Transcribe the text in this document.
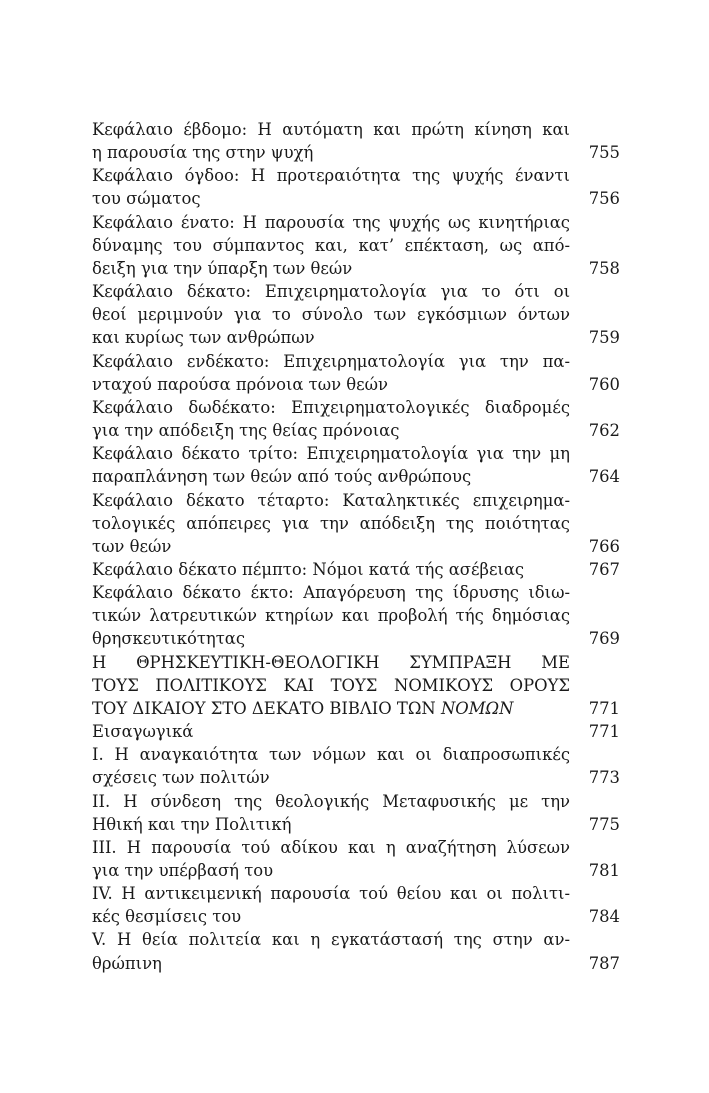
Κεφάλαιο έβδομο: Η αυτόματη και πρώτη κίνηση και
η παρουσία της στην ψυχή	755
Κεφάλαιο όγδοο: Η προτεραιότητα της ψυχής έναντι
του σώματος	756
Κεφάλαιο ένατο: Η παρουσία της ψυχής ως κινητήριας
δύναμης του σύμπαντος και, κατ’ επέκταση, ως από-
δειξη για την ύπαρξη των θεών	758
Κεφάλαιο δέκατο: Επιχειρηματολογία για το ότι οι
θεοί μεριμνούν για το σύνολο των εγκόσμιων όντων
και κυρίως των ανθρώπων	759
Κεφάλαιο ενδέκατο: Επιχειρηματολογία για την πα-
νταχού παρούσα πρόνοια των θεών	760
Κεφάλαιο δωδέκατο: Επιχειρηματολογικές διαδρομές
για την απόδειξη της θείας πρόνοιας	762
Κεφάλαιο δέκατο τρίτο: Επιχειρηματολογία για την μη
παραπλάνηση των θεών από τούς ανθρώπους	764
Κεφάλαιο δέκατο τέταρτο: Καταληκτικές επιχειρημα-
τολογικές απόπειρες για την απόδειξη της ποιότητας
των θεών	766
Κεφάλαιο δέκατο πέμπτο: Νόμοι κατά τής ασέβειας	767
Κεφάλαιο δέκατο έκτο: Απαγόρευση της ίδρυσης ιδιω-
τικών λατρευτικών κτηρίων και προβολή τής δημόσιας
θρησκευτικότητας	769
Η ΘΡΗΣΚΕΥΤΙΚΗ-ΘΕΟΛΟΓΙΚΗ ΣΥΜΠΡΑΞΗ ΜΕ
ΤΟΥΣ ΠΟΛΙΤΙΚΟΥΣ ΚΑΙ ΤΟΥΣ ΝΟΜΙΚΟΥΣ ΟΡΟΥΣ
ΤΟΥ ΔΙΚΑΙΟΥ ΣΤΟ ΔΕΚΑΤΟ ΒΙΒΛΙΟ ΤΩΝ ΝΟΜΩΝ	771
Εισαγωγικά	771
Ι. Η αναγκαιότητα των νόμων και οι διαπροσωπικές
σχέσεις των πολιτών	773
ΙΙ. Η σύνδεση της θεολογικής Μεταφυσικής με την
Ηθική και την Πολιτική	775
ΙΙΙ. Η παρουσία τού αδίκου και η αναζήτηση λύσεων
για την υπέρβασή του	781
IV. Η αντικειμενική παρουσία τού θείου και οι πολιτι-
κές θεσμίσεις του	784
V. Η θεία πολιτεία και η εγκατάστασή της στην αν-
θρώπινη	787
